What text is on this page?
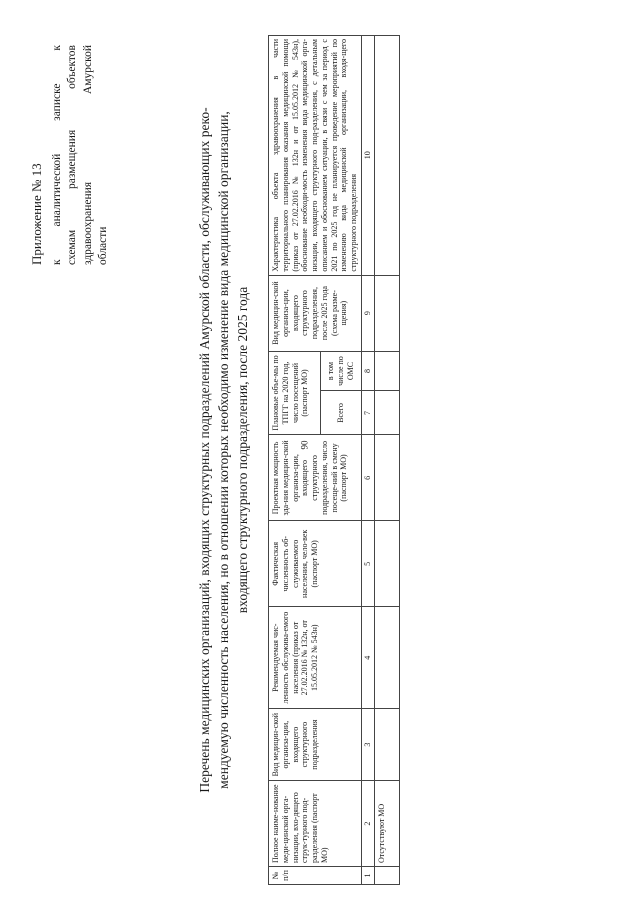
90
Приложение № 13 к аналитической записке к схемам размещения объектов здравоохранения Амурской области	Перечень медицинских организаций, входящих структурных подразделений Амурской области, обслуживающих реко- мендуемую численность населения, но в отношении которых необходимо изменение вида медицинской организации, входящего структурного подразделения, после 2025 года
№ п/п	Полное наиме-нование меди-цинской орга-низации, вхо-дящего струк-турного под-разделения (паспорт МО)	Вид медицин-ской организа-ции, входящего структурного подразделения	Рекомендуемая чис-ленность обслужива-емого населения (приказ от 27.02.2016 № 132н, от 15.05.2012 № 543н)	Фактическая численность об-служиваемого населения, чело-век (паспорт МО)	Проектная мощность зда-ния медицин-ской организа-ции, входящего структурного подразделения, число посеще-ний в смену (паспорт МО)	Плановые объе-мы по ТПГГ на 2020 год, число посещений (паспорт МО)		Вид медицин-ской организа-ции, входящего структурного подразделения, после 2025 года (схема разме-щения)	Характеристика объекта здравоохранения в части территориального планирования оказания медицинской помощи (приказ от 27.02.2016 № 132н и от 15.05.2012 № 543н), обоснование необходи-мость изменения вида медицинской орга-низации, входящего структурного под-разделения, с детальным описанием и обоснованием ситуации, в связи с чем за период с 2021 по 2025 год не планируется проведение мероприятий по изменению вида медицинской организации, входя-щего структурного подразделения
						Всего	в том числе по ОМС		
1	2	3	4	5	6	7	8	9	10
	Отсутствуют МО								
